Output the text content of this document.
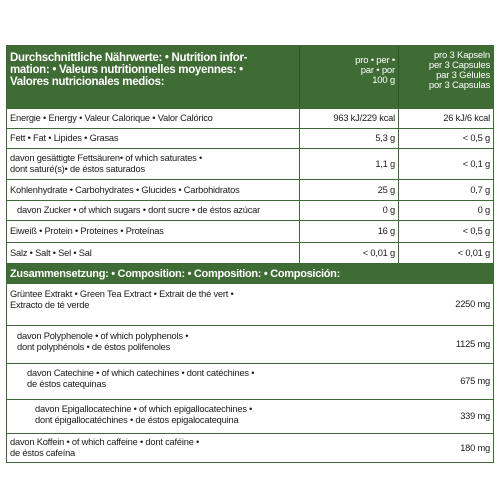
Durchschnittliche Nährwerte: • Nutrition infor-
mation: • Valeurs nutritionnelles moyennes: •
Valores nutricionales medios:
pro • per •
par • por
100 g
pro 3 Kapseln
per 3 Capsules
par 3 Gélules
por 3 Capsulas
Energie • Energy • Valeur Calorique • Valor Calórico	963 kJ/229 kcal	26 kJ/6 kcal
Fett • Fat • Lipides • Grasas	5,3 g	< 0,5 g
davon gesättigte Fettsäuren• of which saturates •
dont saturé(s)• de éstos saturados
1,1 g	< 0,1 g
Kohlenhydrate • Carbohydrates • Glucides • Carbohidratos	25 g	0,7 g
davon Zucker • of which sugars • dont sucre • de éstos azúcar	0 g	0 g
Eiweiß • Protein • Proteines • Proteínas	16 g	< 0,5 g
Salz • Salt • Sel • Sal	< 0,01 g	< 0,01 g
Zusammensetzung: • Composition: • Composition: • Composición:
Grüntee Extrakt • Green Tea Extract • Extrait de thé vert •
Extracto de té verde	2250 mg
davon Polyphenole • of which polyphenols •
dont polyphénols • de éstos polifenoles	1125 mg
davon Catechine • of which catechines • dont catéchines •
de éstos catequinas	675 mg
davon Epigallocatechine • of which epigallocatechines •
dont épigallocatéchines • de éstos epigalocatequina	339 mg
davon Koffein • of which caffeine • dont caféine •
de éstos cafeína
180 mg
